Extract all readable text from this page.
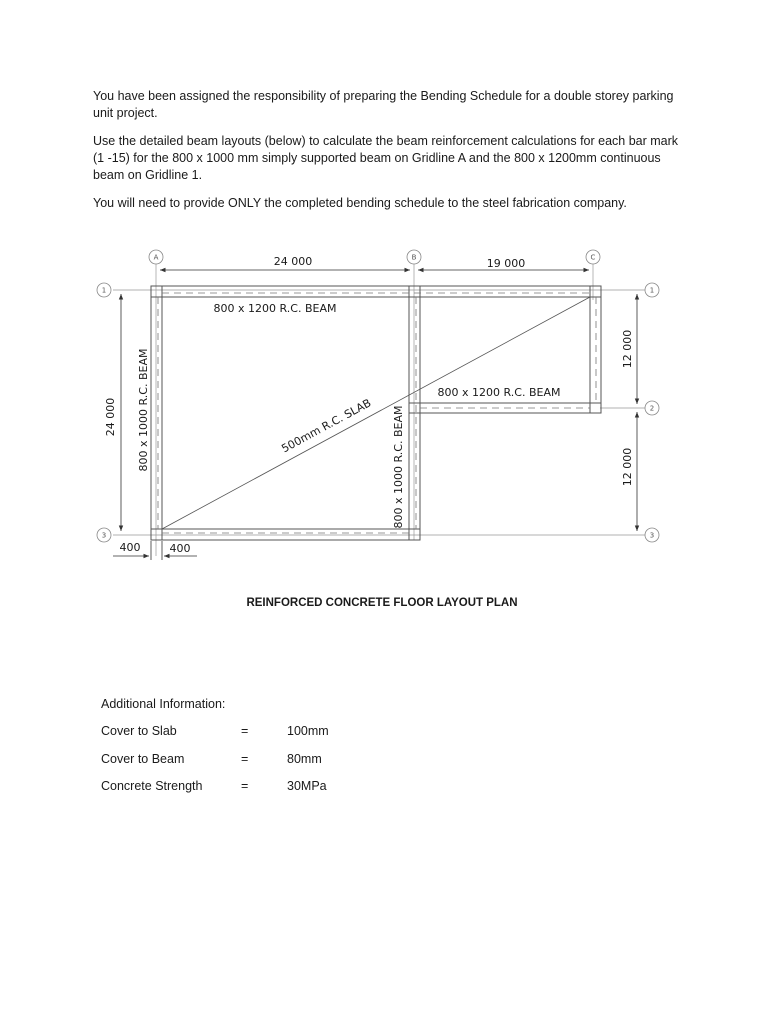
You have been assigned the responsibility of preparing the Bending Schedule for a double storey parking unit project.

Use the detailed beam layouts (below) to calculate the beam reinforcement calculations for each bar mark (1 -15) for the 800 x 1000 mm simply supported beam on Gridline A and the 800 x 1200mm continuous beam on Gridline 1.

You will need to provide ONLY the completed bending schedule to the steel fabrication company.

A	B	C
1
3
1
2
3
24 000	19 000
24 000
12 000
12 000
400	400
800 x 1200 R.C. BEAM
800 x 1200 R.C. BEAM
800 x 1000 R.C. BEAM	800 x 1000 R.C. BEAM
500mm R.C. SLAB
REINFORCED CONCRETE FLOOR LAYOUT PLAN
Additional Information:
Cover to Slab	=	100mm
Cover to Beam	=	80mm
Concrete Strength	=	30MPa
